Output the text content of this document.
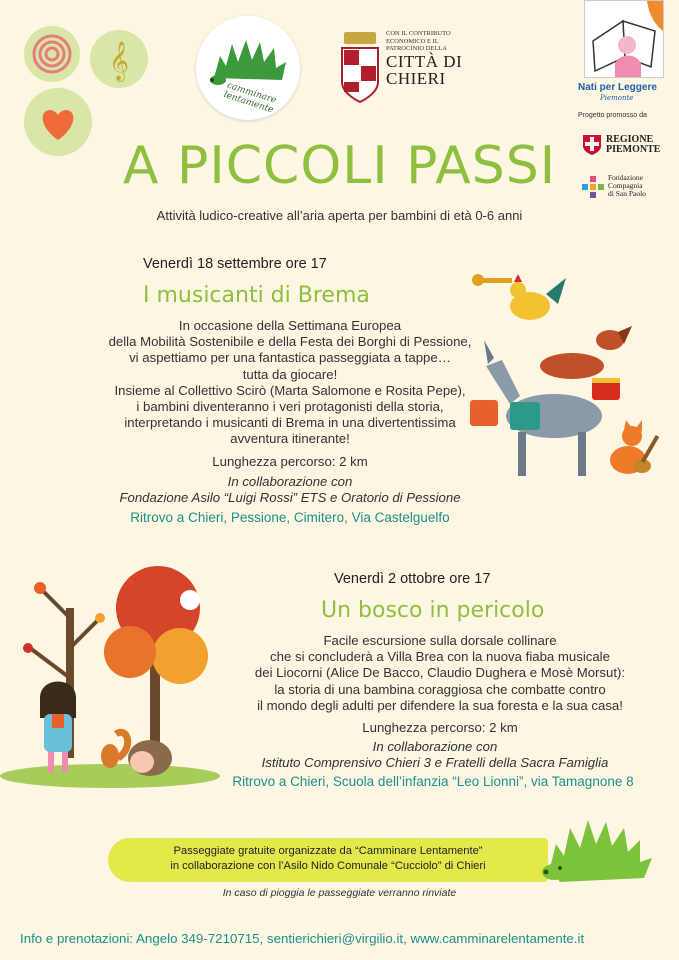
𝄞
camminare lentamente
CON IL CONTRIBUTO
ECONOMICO E IL
PATROCINIO DELLA
CITTÀ DI
CHIERI	Nati per Leggere
Piemonte
Progetto promosso da
REGIONE
PIEMONTE
Fondazione
Compagnia
di San Paolo
A PICCOLI PASSI
Attività ludico-creative all’aria aperta per bambini di età 0-6 anni
Venerdì 18 settembre ore 17
I musicanti di Brema
In occasione della Settimana Europea
della Mobilità Sostenibile e della Festa dei Borghi di Pessione,
vi aspettiamo per una fantastica passeggiata a tappe…
tutta da giocare!
Insieme al Collettivo Scirò (Marta Salomone e Rosita Pepe),
i bambini diventeranno i veri protagonisti della storia,
interpretando i musicanti di Brema in una divertentissima
avventura itinerante!
Lunghezza percorso: 2 km
In collaborazione con
Fondazione Asilo “Luigi Rossi” ETS e Oratorio di Pessione
Ritrovo a Chieri, Pessione, Cimitero, Via Castelguelfo
Venerdì 2 ottobre ore 17
Un bosco in pericolo
Facile escursione sulla dorsale collinare
che si concluderà a Villa Brea con la nuova fiaba musicale
dei Liocorni (Alice De Bacco, Claudio Dughera e Mosè Morsut):
la storia di una bambina coraggiosa che combatte contro
il mondo degli adulti per difendere la sua foresta e la sua casa!
Lunghezza percorso: 2 km
In collaborazione con
Istituto Comprensivo Chieri 3 e Fratelli della Sacra Famiglia
Ritrovo a Chieri, Scuola dell’infanzia “Leo Lionni”, via Tamagnone 8
Passeggiate gratuite organizzate da “Camminare Lentamente”
in collaborazione con l’Asilo Nido Comunale “Cucciolo” di Chieri
In caso di pioggia le passeggiate verranno rinviate
Info e prenotazioni: Angelo 349-7210715, sentierichieri@virgilio.it, www.camminarelentamente.it
